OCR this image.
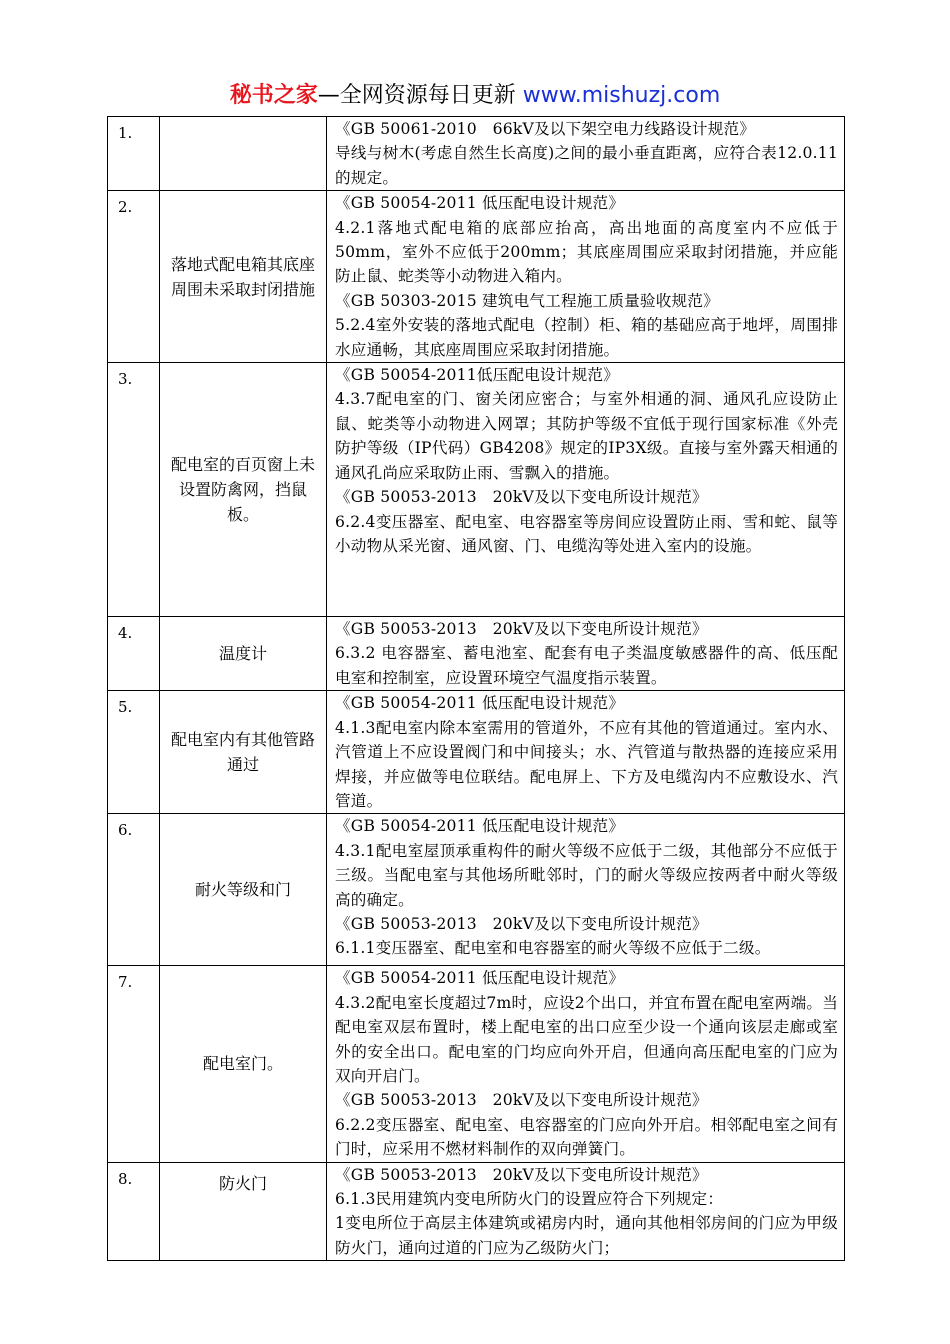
秘书之家—全网资源每日更新 www.mishuzj.com
1.		《GB 50061-2010　66kV及以下架空电力线路设计规范》

导线与树木(考虑自然生长高度)之间的最小垂直距离，应符合表12.0.11的规定。

2.	落地式配电箱其底座周围未采取封闭措施	《GB 50054-2011 低压配电设计规范》

4.2.1落地式配电箱的底部应抬高，高出地面的高度室内不应低于50mm，室外不应低于200mm；其底座周围应采取封闭措施，并应能防止鼠、蛇类等小动物进入箱内。

《GB 50303-2015 建筑电气工程施工质量验收规范》

5.2.4室外安装的落地式配电（控制）柜、箱的基础应高于地坪，周围排水应通畅，其底座周围应采取封闭措施。

3.	配电室的百页窗上未设置防禽网，挡鼠板。	《GB 50054-2011低压配电设计规范》

4.3.7配电室的门、窗关闭应密合；与室外相通的洞、通风孔应设防止鼠、蛇类等小动物进入网罩；其防护等级不宜低于现行国家标准《外壳防护等级（IP代码）GB4208》规定的IP3X级。直接与室外露天相通的通风孔尚应采取防止雨、雪飘入的措施。

《GB 50053-2013　20kV及以下变电所设计规范》

6.2.4变压器室、配电室、电容器室等房间应设置防止雨、雪和蛇、鼠等小动物从采光窗、通风窗、门、电缆沟等处进入室内的设施。

4.	温度计	《GB 50053-2013　20kV及以下变电所设计规范》

6.3.2 电容器室、蓄电池室、配套有电子类温度敏感器件的高、低压配电室和控制室，应设置环境空气温度指示装置。

5.	配电室内有其他管路通过	《GB 50054-2011 低压配电设计规范》

4.1.3配电室内除本室需用的管道外，不应有其他的管道通过。室内水、汽管道上不应设置阀门和中间接头；水、汽管道与散热器的连接应采用焊接，并应做等电位联结。配电屏上、下方及电缆沟内不应敷设水、汽管道。

6.	耐火等级和门	《GB 50054-2011 低压配电设计规范》

4.3.1配电室屋顶承重构件的耐火等级不应低于二级，其他部分不应低于三级。当配电室与其他场所毗邻时，门的耐火等级应按两者中耐火等级高的确定。

《GB 50053-2013　20kV及以下变电所设计规范》

6.1.1变压器室、配电室和电容器室的耐火等级不应低于二级。

7.	配电室门。	《GB 50054-2011 低压配电设计规范》

4.3.2配电室长度超过7m时，应设2个出口，并宜布置在配电室两端。当配电室双层布置时，楼上配电室的出口应至少设一个通向该层走廊或室外的安全出口。配电室的门均应向外开启，但通向高压配电室的门应为双向开启门。

《GB 50053-2013　20kV及以下变电所设计规范》

6.2.2变压器室、配电室、电容器室的门应向外开启。相邻配电室之间有门时，应采用不燃材料制作的双向弹簧门。

8.	防火门	《GB 50053-2013　20kV及以下变电所设计规范》

6.1.3民用建筑内变电所防火门的设置应符合下列规定：

1变电所位于高层主体建筑或裙房内时，通向其他相邻房间的门应为甲级防火门，通向过道的门应为乙级防火门；
